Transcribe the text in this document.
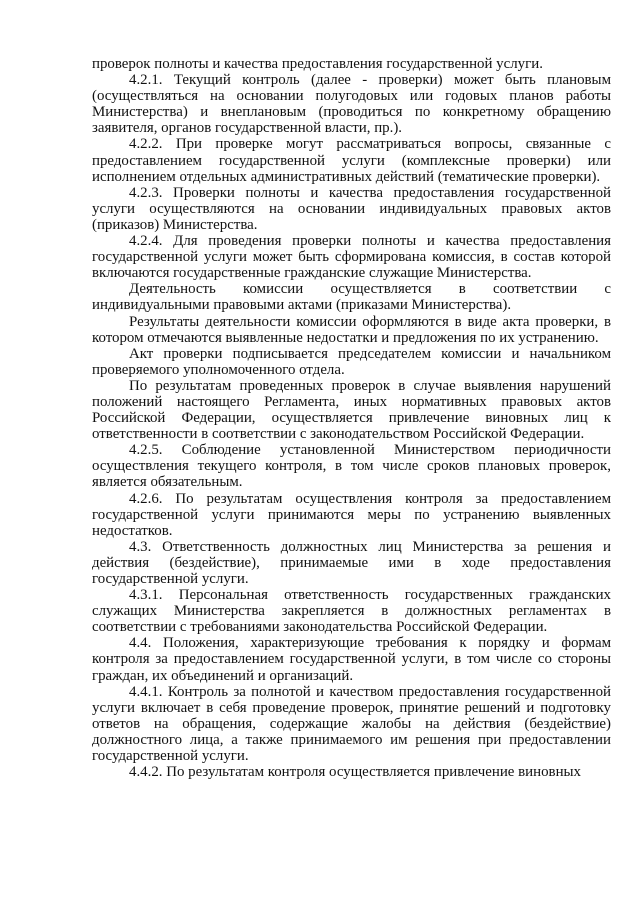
проверок полноты и качества предоставления государственной услуги.

4.2.1. Текущий контроль (далее - проверки) может быть плановым (осуществляться на основании полугодовых или годовых планов работы Министерства) и внеплановым (проводиться по конкретному обращению заявителя, органов государственной власти, пр.).

4.2.2. При проверке могут рассматриваться вопросы, связанные с предоставлением государственной услуги (комплексные проверки) или исполнением отдельных административных действий (тематические проверки).

4.2.3. Проверки полноты и качества предоставления государственной услуги осуществляются на основании индивидуальных правовых актов (приказов) Министерства.

4.2.4. Для проведения проверки полноты и качества предоставления государственной услуги может быть сформирована комиссия, в состав которой включаются государственные гражданские служащие Министерства.

Деятельность комиссии осуществляется в соответствии с индивидуальными правовыми актами (приказами Министерства).

Результаты деятельности комиссии оформляются в виде акта проверки, в котором отмечаются выявленные недостатки и предложения по их устранению.

Акт проверки подписывается председателем комиссии и начальником проверяемого уполномоченного отдела.

По результатам проведенных проверок в случае выявления нарушений положений настоящего Регламента, иных нормативных правовых актов Российской Федерации, осуществляется привлечение виновных лиц к ответственности в соответствии с законодательством Российской Федерации.

4.2.5. Соблюдение установленной Министерством периодичности осуществления текущего контроля, в том числе сроков плановых проверок, является обязательным.

4.2.6. По результатам осуществления контроля за предоставлением государственной услуги принимаются меры по устранению выявленных недостатков.

4.3. Ответственность должностных лиц Министерства за решения и действия (бездействие), принимаемые ими в ходе предоставления государственной услуги.

4.3.1. Персональная ответственность государственных гражданских служащих Министерства закрепляется в должностных регламентах в соответствии с требованиями законодательства Российской Федерации.

4.4. Положения, характеризующие требования к порядку и формам контроля за предоставлением государственной услуги, в том числе со стороны граждан, их объединений и организаций.

4.4.1. Контроль за полнотой и качеством предоставления государственной услуги включает в себя проведение проверок, принятие решений и подготовку ответов на обращения, содержащие жалобы на действия (бездействие) должностного лица, а также принимаемого им решения при предоставлении государственной услуги.

4.4.2. По результатам контроля осуществляется привлечение виновных
